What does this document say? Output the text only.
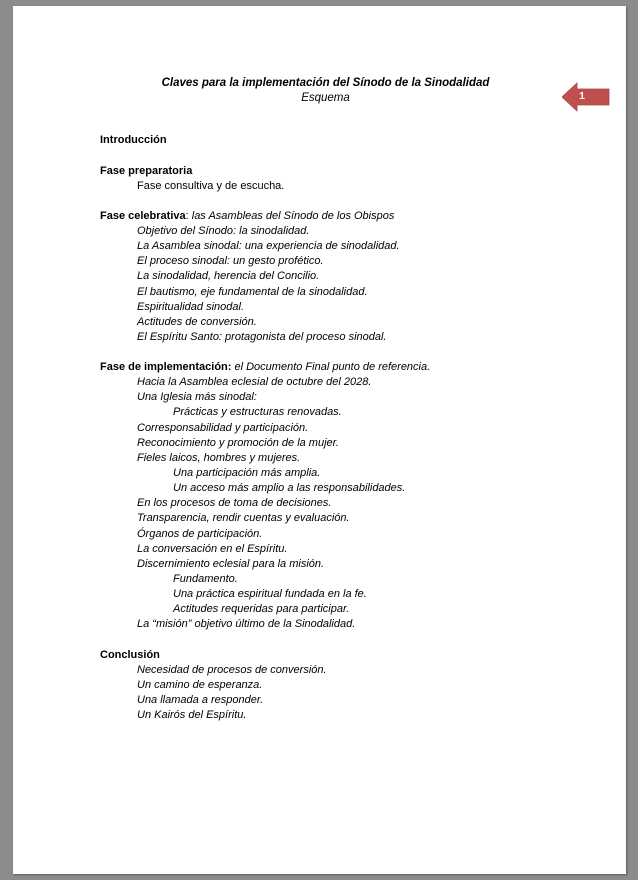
Claves para la implementación del Sínodo de la Sinodalidad
Esquema	1
Introducción
Fase preparatoria
Fase consultiva y de escucha.
Fase celebrativa: las Asambleas del Sínodo de los Obispos
Objetivo del Sínodo: la sinodalidad.
La Asamblea sinodal: una experiencia de sinodalidad.
El proceso sinodal: un gesto profético.
La sinodalidad, herencia del Concilio.
El bautismo, eje fundamental de la sinodalidad.
Espiritualidad sinodal.
Actitudes de conversión.
El Espíritu Santo: protagonista del proceso sinodal.
Fase de implementación: el Documento Final punto de referencia.
Hacia la Asamblea eclesial de octubre del 2028.
Una Iglesia más sinodal:
Prácticas y estructuras renovadas.
Corresponsabilidad y participación.
Reconocimiento y promoción de la mujer.
Fieles laicos, hombres y mujeres.
Una participación más amplia.
Un acceso más amplio a las responsabilidades.
En los procesos de toma de decisiones.
Transparencia, rendir cuentas y evaluación.
Órganos de participación.
La conversación en el Espíritu.
Discernimiento eclesial para la misión.
Fundamento.
Una práctica espiritual fundada en la fe.
Actitudes requeridas para participar.
La “misión” objetivo último de la Sinodalidad.
Conclusión
Necesidad de procesos de conversión.
Un camino de esperanza.
Una llamada a responder.
Un Kairós del Espíritu.
